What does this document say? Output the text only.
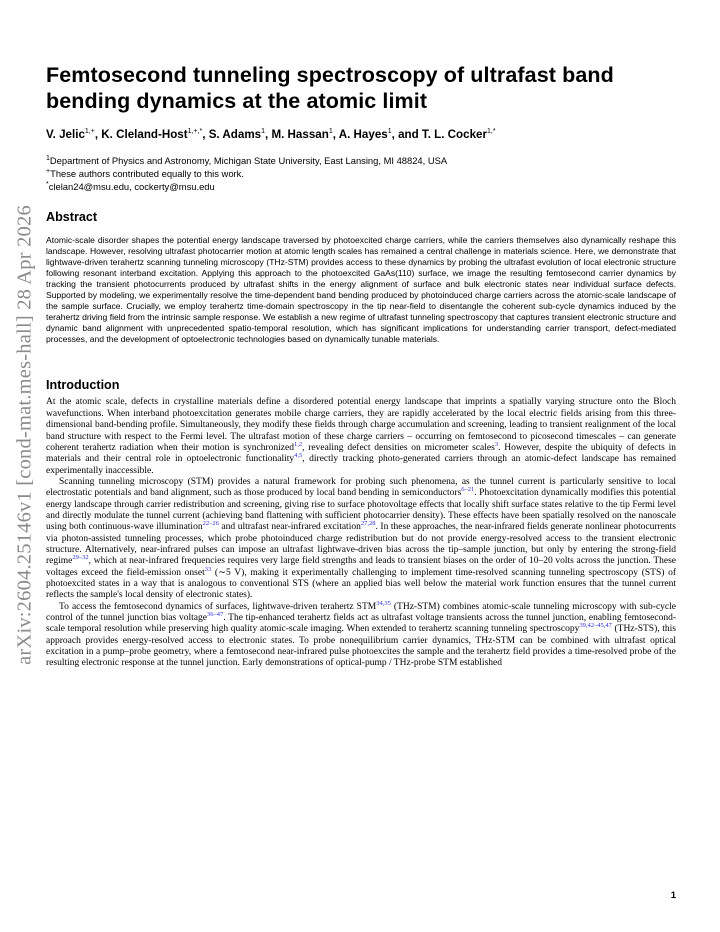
arXiv:2604.25146v1 [cond-mat.mes-hall] 28 Apr 2026
Femtosecond tunneling spectroscopy of ultrafast band bending dynamics at the atomic limit
V. Jelic$^{1,+}$, K. Cleland-Host$^{1,+,*}$, S. Adams$^1$, M. Hassan$^1$, A. Hayes$^1$, and T. L. Cocker$^{1,*}$

$^1$Department of Physics and Astronomy, Michigan State University, East Lansing, MI 48824, USA

+These authors contributed equally to this work.

*clelan24@msu.edu, cockerty@msu.edu

Abstract

Atomic-scale disorder shapes the potential energy landscape traversed by photoexcited charge carriers, while the carriers themselves also dynamically reshape this landscape. However, resolving ultrafast photocarrier motion at atomic length scales has remained a central challenge in materials science. Here, we demonstrate that lightwave-driven terahertz scanning tunneling microscopy (THz-STM) provides access to these dynamics by probing the ultrafast evolution of local electronic structure following resonant interband excitation. Applying this approach to the photoexcited GaAs(110) surface, we image the resulting femtosecond carrier dynamics by tracking the transient photocurrents produced by ultrafast shifts in the energy alignment of surface and bulk electronic states near individual surface defects. Supported by modeling, we experimentally resolve the time-dependent band bending produced by photoinduced charge carriers across the atomic-scale landscape of the sample surface. Crucially, we employ terahertz time-domain spectroscopy in the tip near-field to disentangle the coherent sub-cycle dynamics induced by the terahertz driving field from the intrinsic sample response. We establish a new regime of ultrafast tunneling spectroscopy that captures transient electronic structure and dynamic band alignment with unprecedented spatio-temporal resolution, which has significant implications for understanding carrier transport, defect-mediated processes, and the development of optoelectronic technologies based on dynamically tunable materials.

Introduction

At the atomic scale, defects in crystalline materials define a disordered potential energy landscape that imprints a spatially varying structure onto the Bloch wavefunctions. When interband photoexcitation generates mobile charge carriers, they are rapidly accelerated by the local electric fields arising from this three-dimensional band-bending profile. Simultaneously, they modify these fields through charge accumulation and screening, leading to transient realignment of the local band structure with respect to the Fermi level. The ultrafast motion of these charge carriers – occurring on femtosecond to picosecond timescales – can generate coherent terahertz radiation when their motion is synchronized$^{1,2}$, revealing defect densities on micrometer scales$^3$. However, despite the ubiquity of defects in materials and their central role in optoelectronic functionality$^{4,5}$, directly tracking photo-generated carriers through an atomic-defect landscape has remained experimentally inaccessible.

Scanning tunneling microscopy (STM) provides a natural framework for probing such phenomena, as the tunnel current is particularly sensitive to local electrostatic potentials and band alignment, such as those produced by local band bending in semiconductors$^{6-21}$. Photoexcitation dynamically modifies this potential energy landscape through carrier redistribution and screening, giving rise to surface photovoltage effects that locally shift surface states relative to the tip Fermi level and directly modulate the tunnel current (achieving band flattening with sufficient photocarrier density). These effects have been spatially resolved on the nanoscale using both continuous-wave illumination$^{22-26}$ and ultrafast near-infrared excitation$^{27,28}$. In these approaches, the near-infrared fields generate nonlinear photocurrents via photon-assisted tunneling processes, which probe photoinduced charge redistribution but do not provide energy-resolved access to the transient electronic structure. Alternatively, near-infrared pulses can impose an ultrafast lightwave-driven bias across the tip–sample junction, but only by entering the strong-field regime$^{29-32}$, which at near-infrared frequencies requires very large field strengths and leads to transient biases on the order of 10–20 volts across the junction. These voltages exceed the field-emission onset$^{33}$ (∼5 V), making it experimentally challenging to implement time-resolved scanning tunneling spectroscopy (STS) of photoexcited states in a way that is analogous to conventional STS (where an applied bias well below the material work function ensures that the tunnel current reflects the sample's local density of electronic states).

To access the femtosecond dynamics of surfaces, lightwave-driven terahertz STM$^{34,35}$ (THz-STM) combines atomic-scale tunneling microscopy with sub-cycle control of the tunnel junction bias voltage$^{36-47}$. The tip-enhanced terahertz fields act as ultrafast voltage transients across the tunnel junction, enabling femtosecond-scale temporal resolution while preserving high quality atomic-scale imaging. When extended to terahertz scanning tunneling spectroscopy$^{39,42-45,47}$ (THz-STS), this approach provides energy-resolved access to electronic states. To probe nonequilibrium carrier dynamics, THz-STM can be combined with ultrafast optical excitation in a pump–probe geometry, where a femtosecond near-infrared pulse photoexcites the sample and the terahertz field provides a time-resolved probe of the resulting electronic response at the tunnel junction. Early demonstrations of optical-pump / THz-probe STM established

1
